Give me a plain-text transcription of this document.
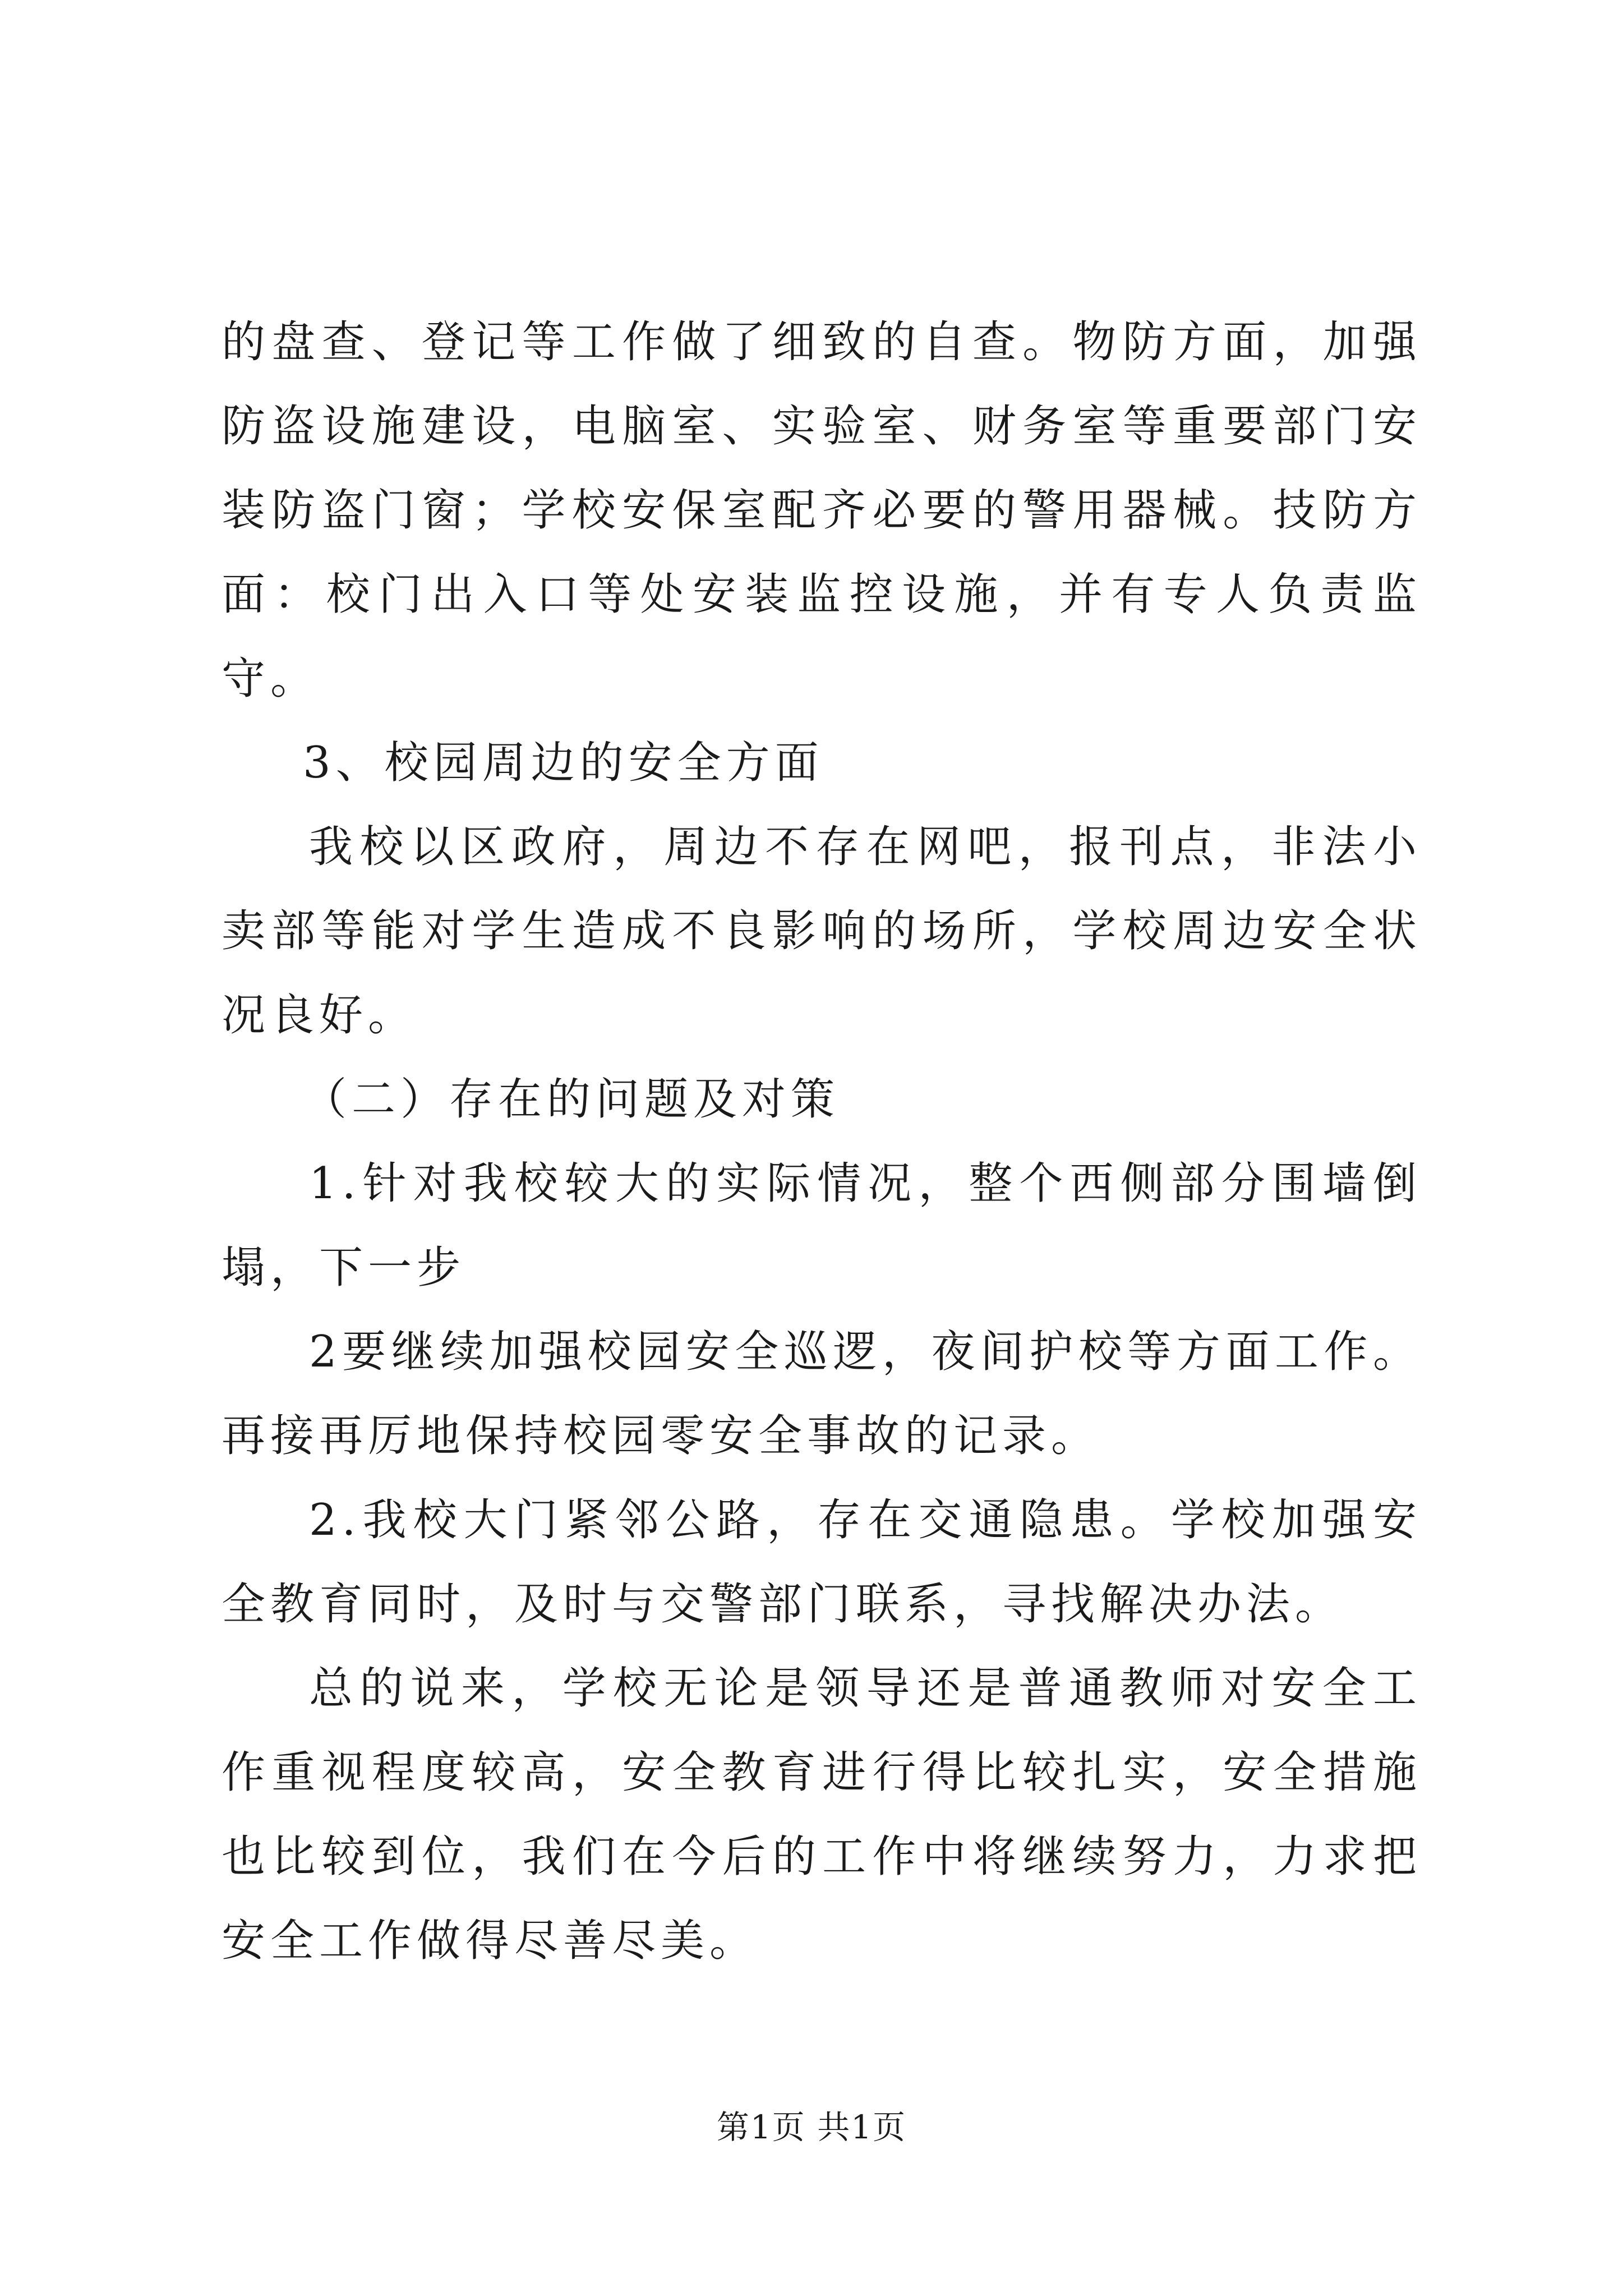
的盘查、登记等工作做了细致的自查。物防方面，加强防盗设施建设，电脑室、实验室、财务室等重要部门安装防盗门窗；学校安保室配齐必要的警用器械。技防方面：校门出入口等处安装监控设施，并有专人负责监守。

3、校园周边的安全方面

我校以区政府，周边不存在网吧，报刊点，非法小卖部等能对学生造成不良影响的场所，学校周边安全状况良好。

（二）存在的问题及对策

1.针对我校较大的实际情况，整个西侧部分围墙倒塌，下一步

2要继续加强校园安全巡逻，夜间护校等方面工作。再接再厉地保持校园零安全事故的记录。

2.我校大门紧邻公路，存在交通隐患。学校加强安全教育同时，及时与交警部门联系，寻找解决办法。

总的说来，学校无论是领导还是普通教师对安全工作重视程度较高，安全教育进行得比较扎实，安全措施也比较到位，我们在今后的工作中将继续努力，力求把安全工作做得尽善尽美。

第1页 共1页
